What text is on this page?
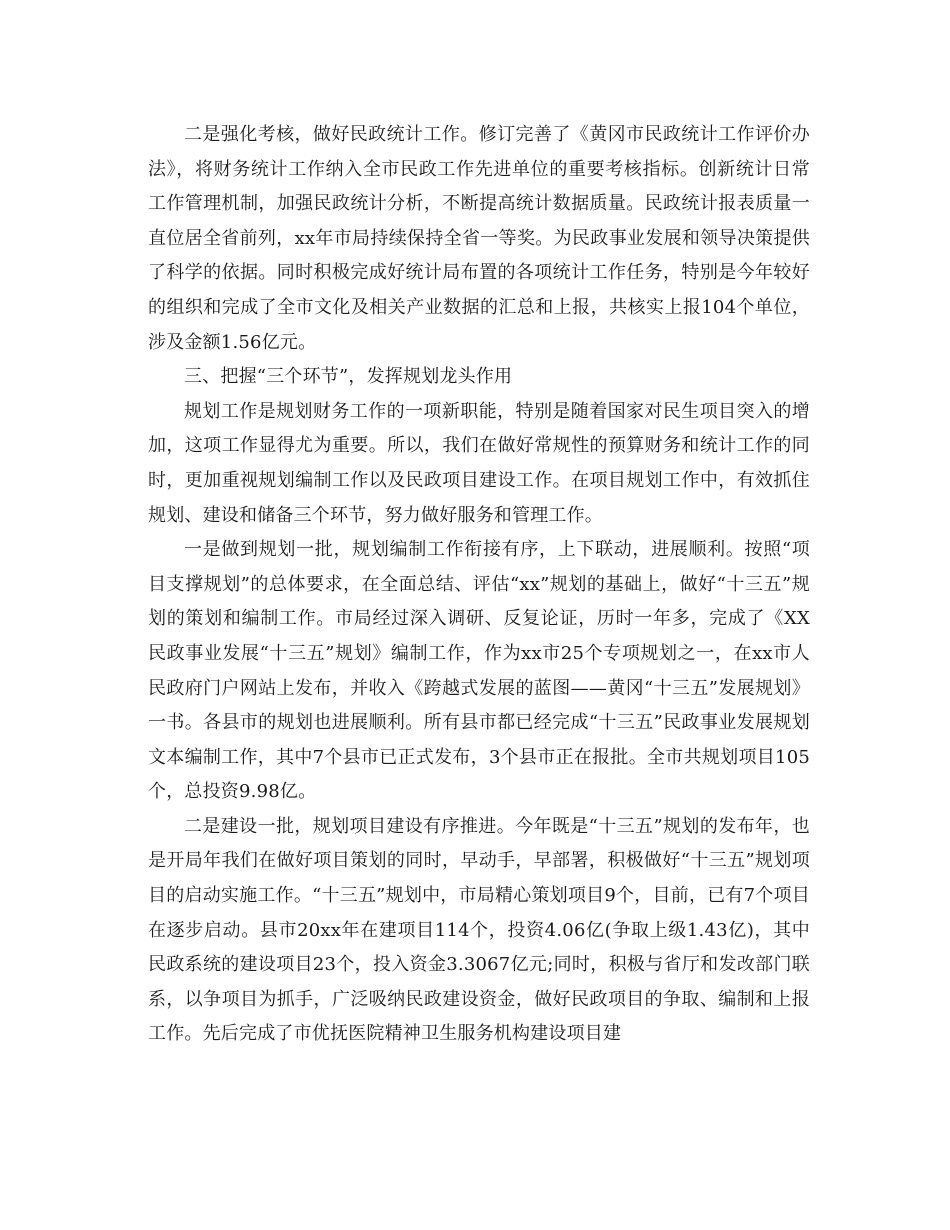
二是强化考核，做好民政统计工作。修订完善了《黄冈市民政统计工作评价办法》，将财务统计工作纳入全市民政工作先进单位的重要考核指标。创新统计日常工作管理机制，加强民政统计分析，不断提高统计数据质量。民政统计报表质量一直位居全省前列，xx年市局持续保持全省一等奖。为民政事业发展和领导决策提供了科学的依据。同时积极完成好统计局布置的各项统计工作任务，特别是今年较好的组织和完成了全市文化及相关产业数据的汇总和上报，共核实上报104个单位，涉及金额1.56亿元。

三、把握“三个环节”，发挥规划龙头作用

规划工作是规划财务工作的一项新职能，特别是随着国家对民生项目突入的增加，这项工作显得尤为重要。所以，我们在做好常规性的预算财务和统计工作的同时，更加重视规划编制工作以及民政项目建设工作。在项目规划工作中，有效抓住规划、建设和储备三个环节，努力做好服务和管理工作。

一是做到规划一批，规划编制工作衔接有序，上下联动，进展顺利。按照“项目支撑规划”的总体要求，在全面总结、评估“xx”规划的基础上，做好“十三五”规划的策划和编制工作。市局经过深入调研、反复论证，历时一年多，完成了《XX民政事业发展“十三五”规划》编制工作，作为xx市25个专项规划之一，在xx市人民政府门户网站上发布，并收入《跨越式发展的蓝图——黄冈“十三五”发展规划》一书。各县市的规划也进展顺利。所有县市都已经完成“十三五”民政事业发展规划文本编制工作，其中7个县市已正式发布，3个县市正在报批。全市共规划项目105个，总投资9.98亿。

二是建设一批，规划项目建设有序推进。今年既是“十三五”规划的发布年，也是开局年我们在做好项目策划的同时，早动手，早部署，积极做好“十三五”规划项目的启动实施工作。“十三五”规划中，市局精心策划项目9个，目前，已有7个项目在逐步启动。县市20xx年在建项目114个，投资4.06亿(争取上级1.43亿)，其中民政系统的建设项目23个，投入资金3.3067亿元;同时，积极与省厅和发改部门联系，以争项目为抓手，广泛吸纳民政建设资金，做好民政项目的争取、编制和上报工作。先后完成了市优抚医院精神卫生服务机构建设项目建
